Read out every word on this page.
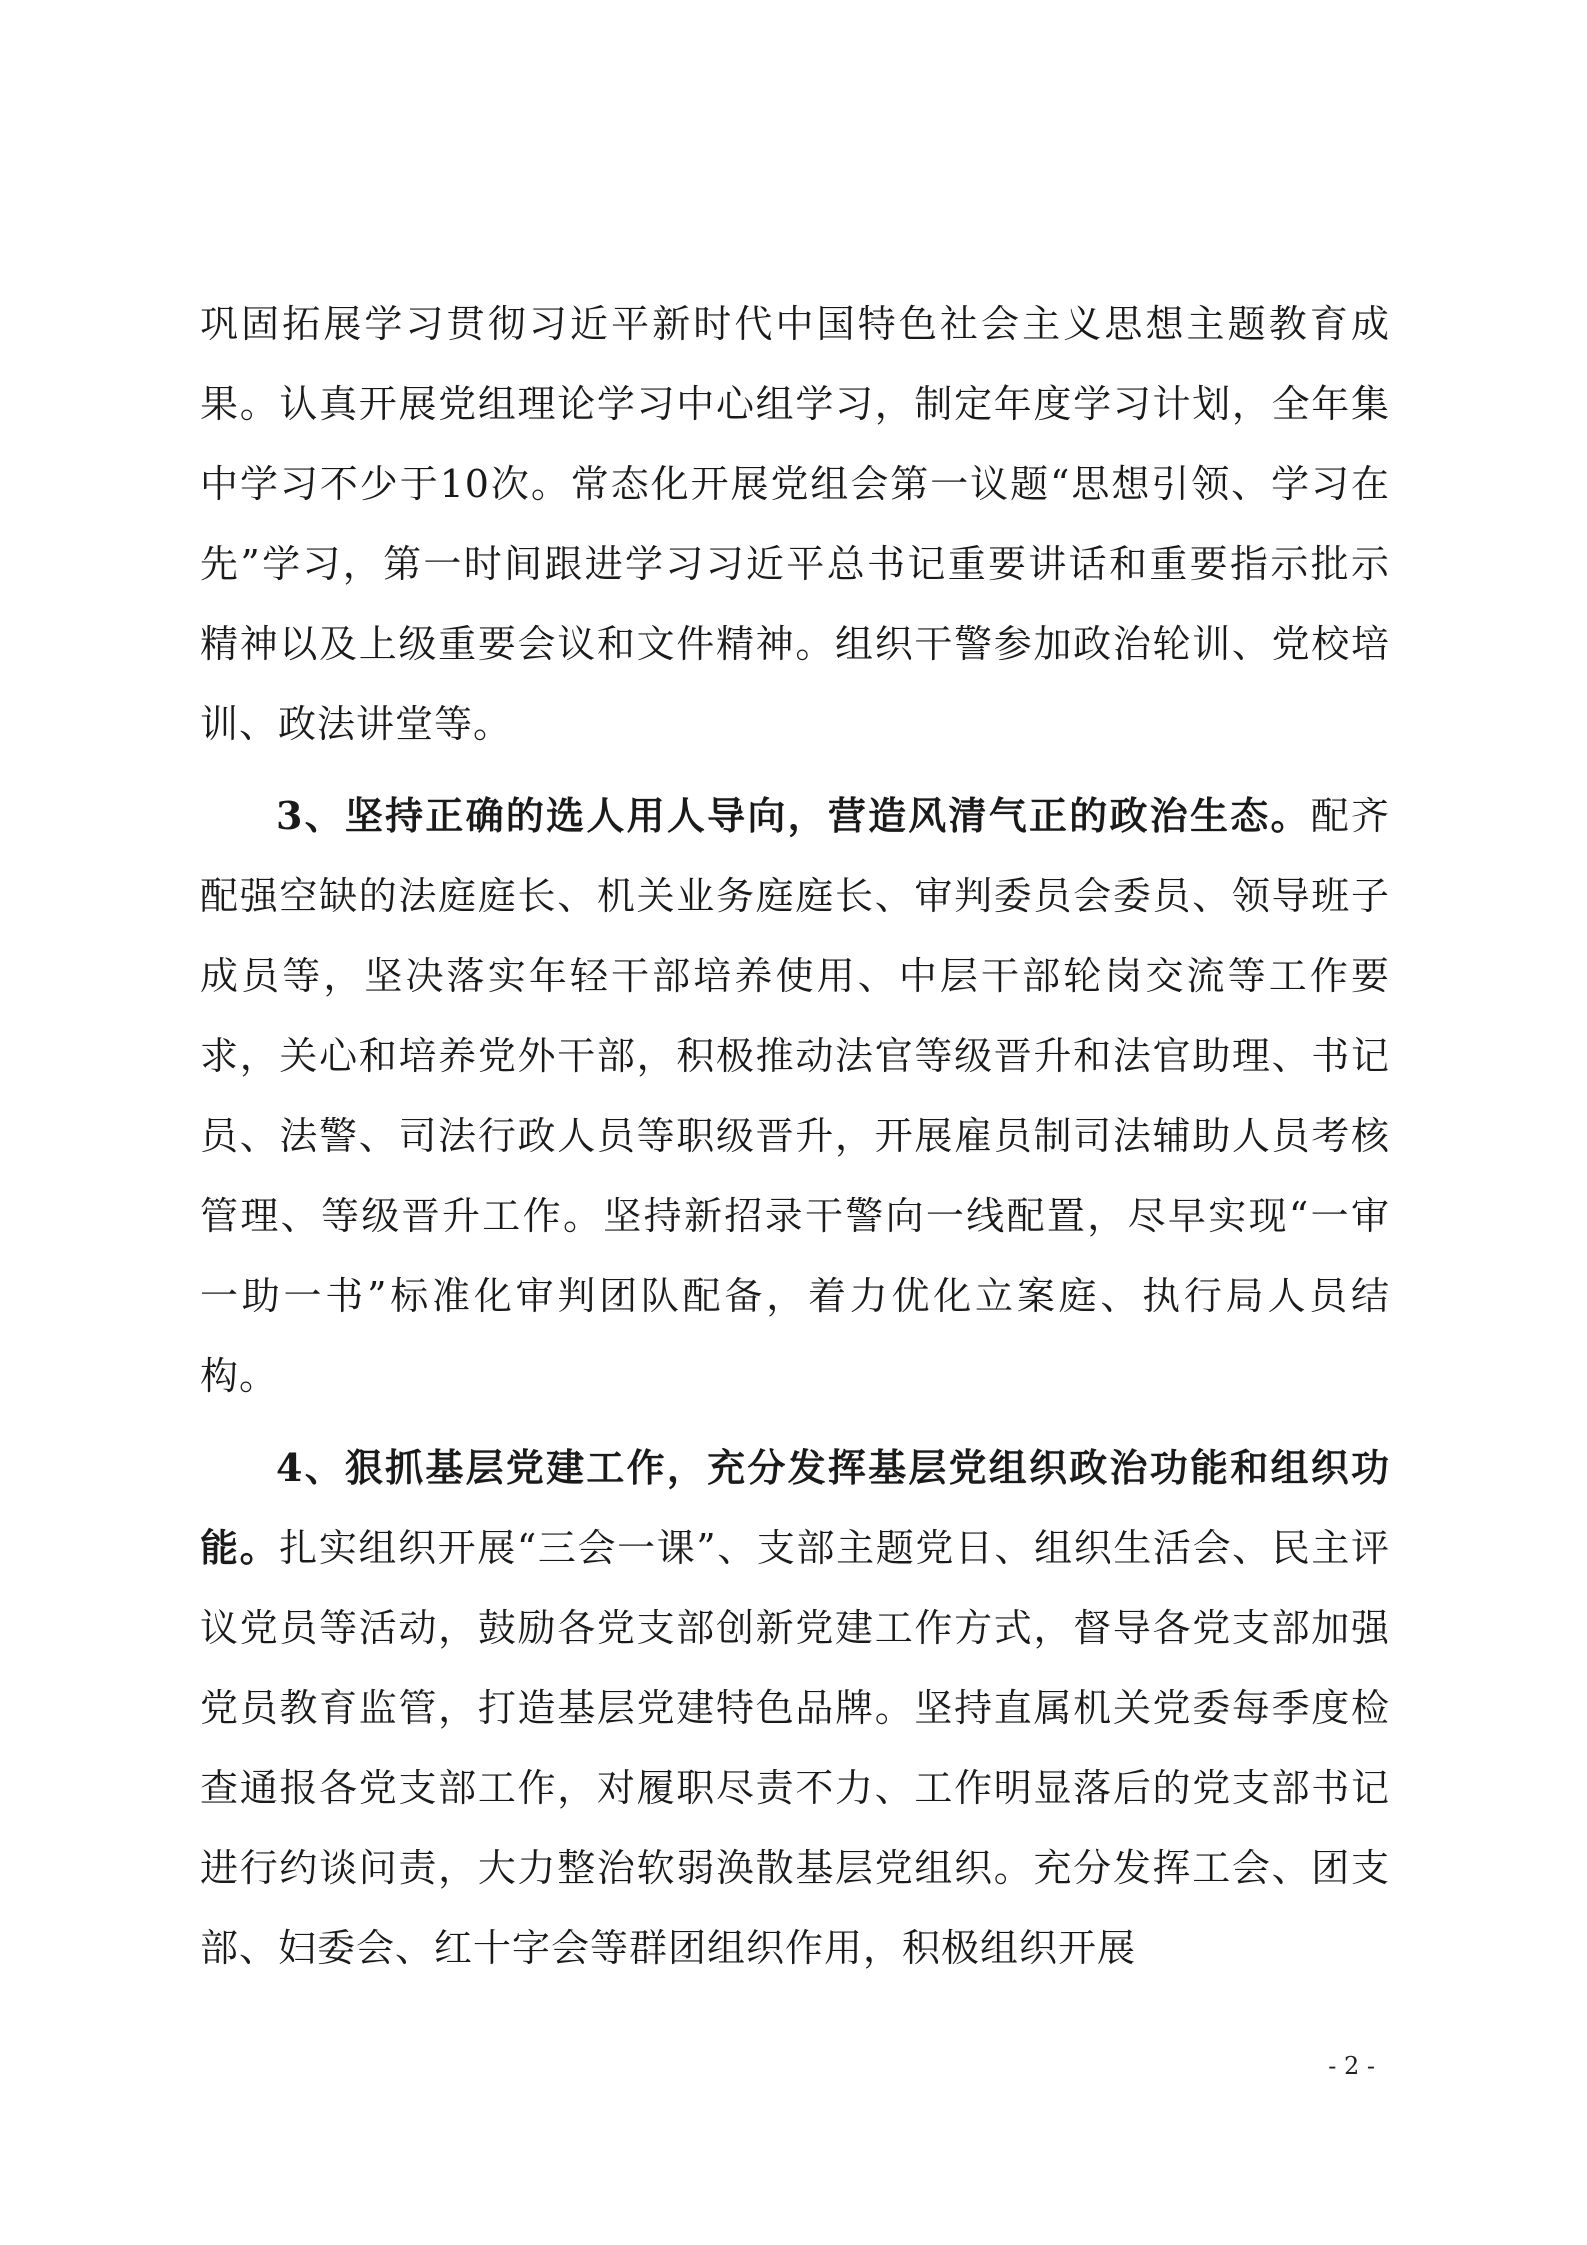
巩固拓展学习贯彻习近平新时代中国特色社会主义思想主题教育成果。认真开展党组理论学习中心组学习，制定年度学习计划，全年集中学习不少于10次。常态化开展党组会第一议题“思想引领、学习在先”学习，第一时间跟进学习习近平总书记重要讲话和重要指示批示精神以及上级重要会议和文件精神。组织干警参加政治轮训、党校培训、政法讲堂等。

3、坚持正确的选人用人导向，营造风清气正的政治生态。配齐配强空缺的法庭庭长、机关业务庭庭长、审判委员会委员、领导班子成员等，坚决落实年轻干部培养使用、中层干部轮岗交流等工作要求，关心和培养党外干部，积极推动法官等级晋升和法官助理、书记员、法警、司法行政人员等职级晋升，开展雇员制司法辅助人员考核管理、等级晋升工作。坚持新招录干警向一线配置，尽早实现“一审一助一书”标准化审判团队配备，着力优化立案庭、执行局人员结构。

4、狠抓基层党建工作，充分发挥基层党组织政治功能和组织功能。扎实组织开展“三会一课”、支部主题党日、组织生活会、民主评议党员等活动，鼓励各党支部创新党建工作方式，督导各党支部加强党员教育监管，打造基层党建特色品牌。坚持直属机关党委每季度检查通报各党支部工作，对履职尽责不力、工作明显落后的党支部书记进行约谈问责，大力整治软弱涣散基层党组织。充分发挥工会、团支部、妇委会、红十字会等群团组织作用，积极组织开展

- 2 -
